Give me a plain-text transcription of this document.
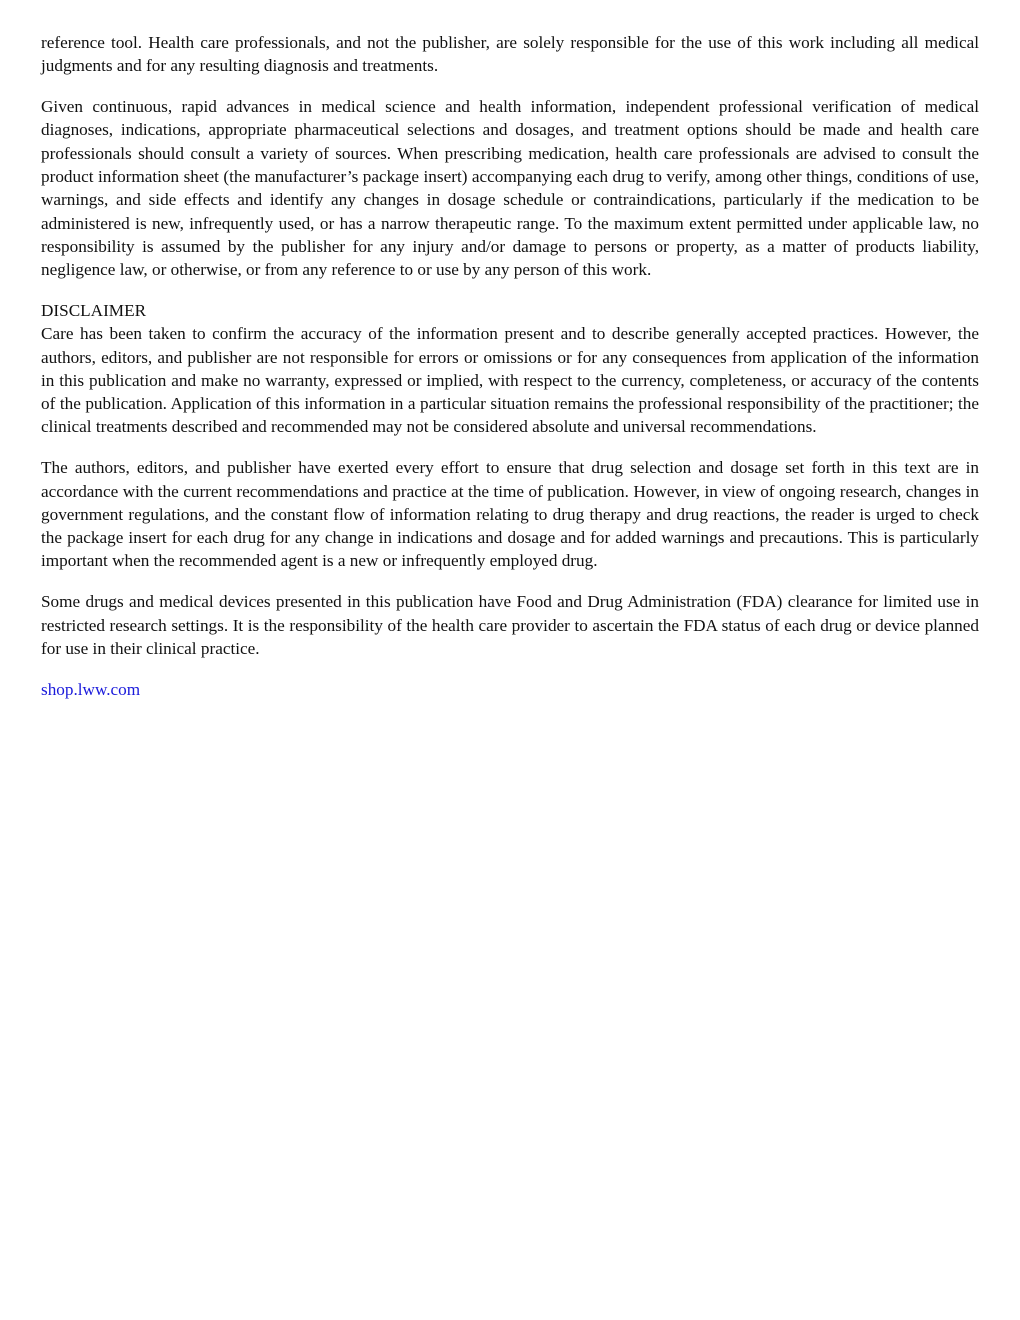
reference tool. Health care professionals, and not the publisher, are solely responsible for the use of this work including all medical judgments and for any resulting diagnosis and treatments.

Given continuous, rapid advances in medical science and health information, independent professional verification of medical diagnoses, indications, appropriate pharmaceutical selections and dosages, and treatment options should be made and health care professionals should consult a variety of sources. When prescribing medication, health care professionals are advised to consult the product information sheet (the manufacturer’s package insert) accompanying each drug to verify, among other things, conditions of use, warnings, and side effects and identify any changes in dosage schedule or contraindications, particularly if the medication to be administered is new, infrequently used, or has a narrow therapeutic range. To the maximum extent permitted under applicable law, no responsibility is assumed by the publisher for any injury and/or damage to persons or property, as a matter of products liability, negligence law, or otherwise, or from any reference to or use by any person of this work.

DISCLAIMER

Care has been taken to confirm the accuracy of the information present and to describe generally accepted practices. However, the authors, editors, and publisher are not responsible for errors or omissions or for any consequences from application of the information in this publication and make no warranty, expressed or implied, with respect to the currency, completeness, or accuracy of the contents of the publication. Application of this information in a particular situation remains the professional responsibility of the practitioner; the clinical treatments described and recommended may not be considered absolute and universal recommendations.

The authors, editors, and publisher have exerted every effort to ensure that drug selection and dosage set forth in this text are in accordance with the current recommendations and practice at the time of publication. However, in view of ongoing research, changes in government regulations, and the constant flow of information relating to drug therapy and drug reactions, the reader is urged to check the package insert for each drug for any change in indications and dosage and for added warnings and precautions. This is particularly important when the recommended agent is a new or infrequently employed drug.

Some drugs and medical devices presented in this publication have Food and Drug Administration (FDA) clearance for limited use in restricted research settings. It is the responsibility of the health care provider to ascertain the FDA status of each drug or device planned for use in their clinical practice.

shop.lww.com
